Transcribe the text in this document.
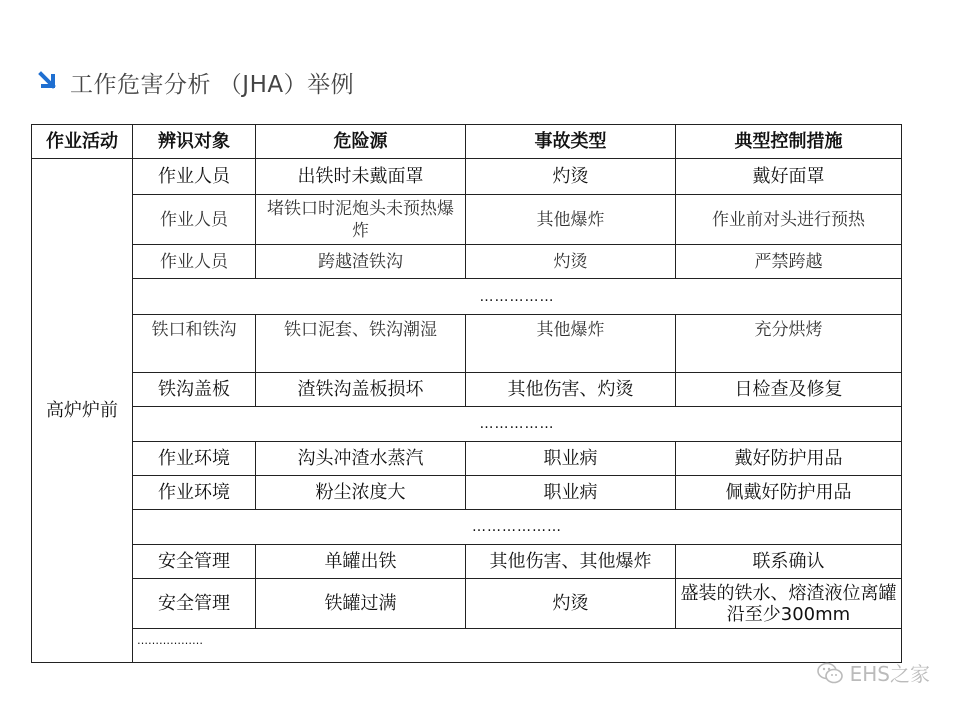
工作危害分析 （JHA）举例
作业活动	辨识对象	危险源	事故类型	典型控制措施
高炉炉前	作业人员	出铁时未戴面罩	灼烫	戴好面罩
	作业人员	堵铁口时泥炮头未预热爆炸	其他爆炸	作业前对头进行预热
	作业人员	跨越渣铁沟	灼烫	严禁跨越
	……………			
	铁口和铁沟	铁口泥套、铁沟潮湿	其他爆炸	充分烘烤
	铁沟盖板	渣铁沟盖板损坏	其他伤害、灼烫	日检查及修复
	……………			
	作业环境	沟头冲渣水蒸汽	职业病	戴好防护用品
	作业环境	粉尘浓度大	职业病	佩戴好防护用品
	………………			
	安全管理	单罐出铁	其他伤害、其他爆炸	联系确认
	安全管理	铁罐过满	灼烫	盛装的铁水、熔渣液位离罐沿至少300mm
	………………			
EHS之家
